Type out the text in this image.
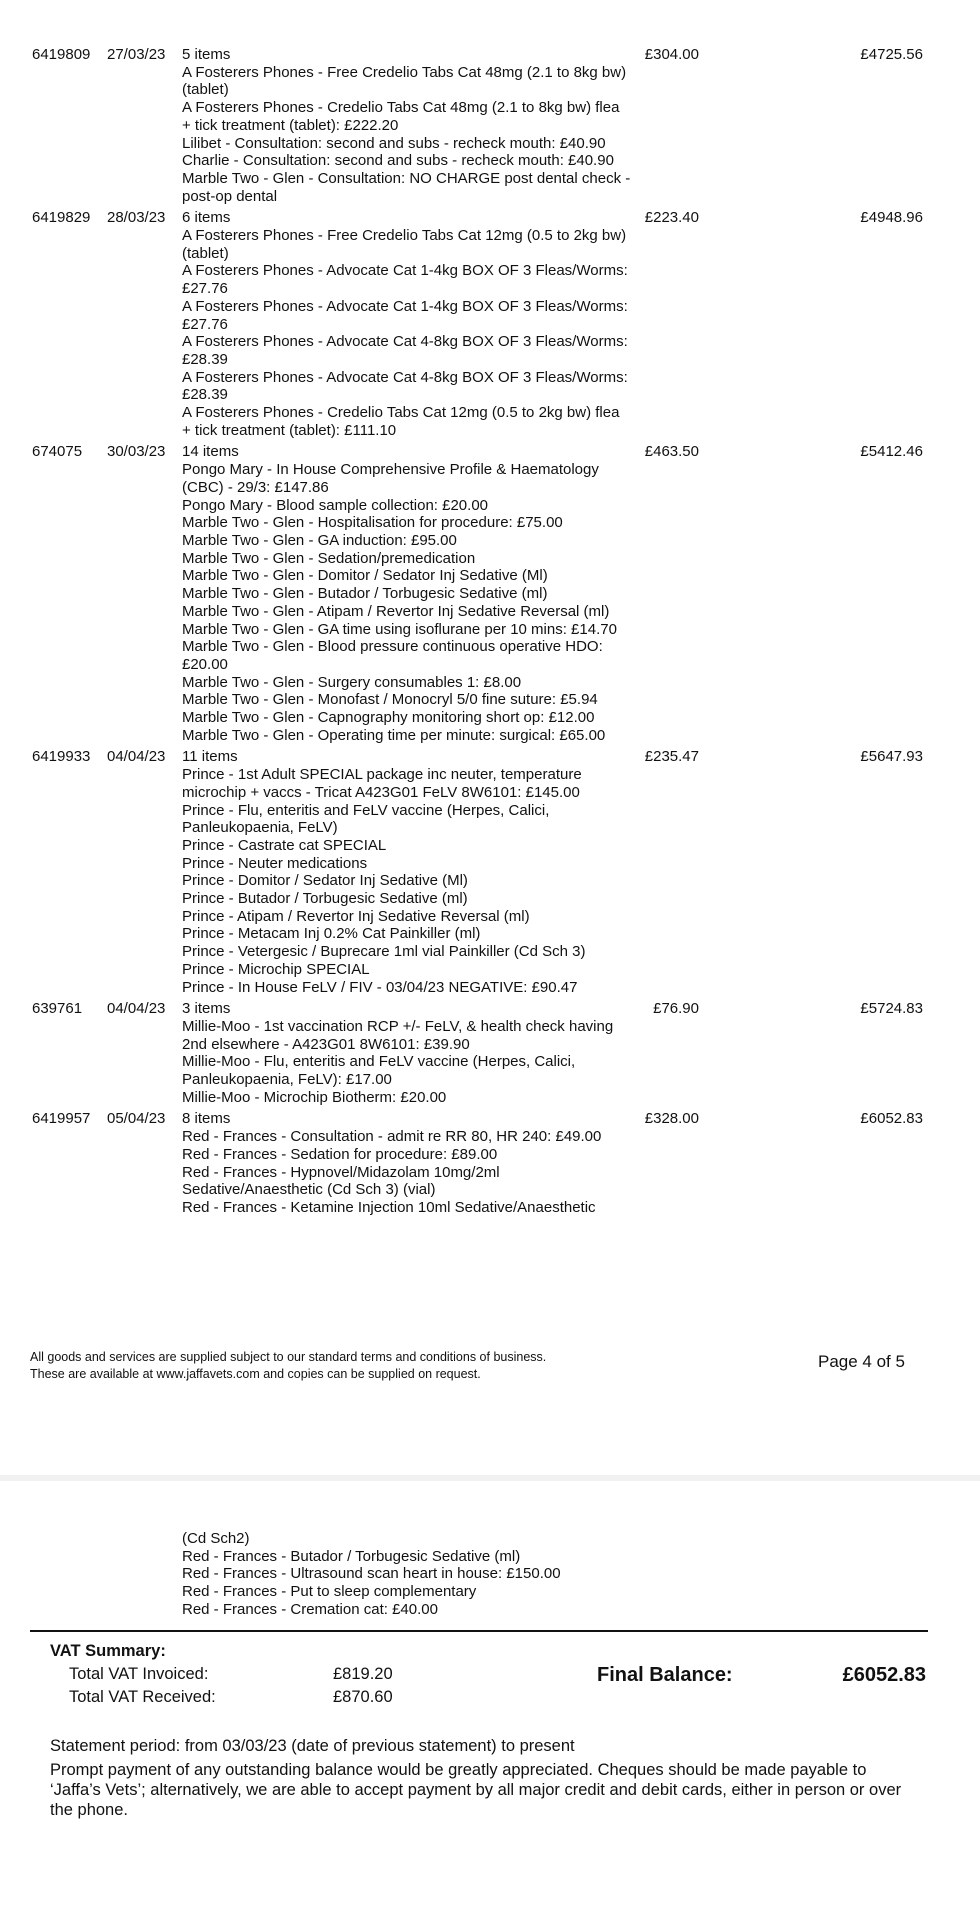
6419809 27/03/23 5 items
A Fosterers Phones - Free Credelio Tabs Cat 48mg (2.1 to 8kg bw) (tablet)
A Fosterers Phones - Credelio Tabs Cat 48mg (2.1 to 8kg bw) flea + tick treatment (tablet): £222.20
Lilibet - Consultation: second and subs - recheck mouth: £40.90
Charlie - Consultation: second and subs - recheck mouth: £40.90
Marble Two - Glen - Consultation: NO CHARGE post dental check - post-op dental
£304.00	£4725.56
6419829 28/03/23 6 items
A Fosterers Phones - Free Credelio Tabs Cat 12mg (0.5 to 2kg bw) (tablet)
A Fosterers Phones - Advocate Cat 1-4kg BOX OF 3 Fleas/Worms: £27.76
A Fosterers Phones - Advocate Cat 1-4kg BOX OF 3 Fleas/Worms: £27.76
A Fosterers Phones - Advocate Cat 4-8kg BOX OF 3 Fleas/Worms: £28.39
A Fosterers Phones - Advocate Cat 4-8kg BOX OF 3 Fleas/Worms: £28.39
A Fosterers Phones - Credelio Tabs Cat 12mg (0.5 to 2kg bw) flea + tick treatment (tablet): £111.10
£223.40	£4948.96
674075 30/03/23 14 items
Pongo Mary - In House Comprehensive Profile & Haematology (CBC) - 29/3: £147.86
Pongo Mary - Blood sample collection: £20.00
Marble Two - Glen - Hospitalisation for procedure: £75.00
Marble Two - Glen - GA induction: £95.00
Marble Two - Glen - Sedation/premedication
Marble Two - Glen - Domitor / Sedator Inj Sedative (Ml)
Marble Two - Glen - Butador / Torbugesic Sedative (ml)
Marble Two - Glen - Atipam / Revertor Inj Sedative Reversal (ml)
Marble Two - Glen - GA time using isoflurane per 10 mins: £14.70
Marble Two - Glen - Blood pressure continuous operative HDO: £20.00
Marble Two - Glen - Surgery consumables 1: £8.00
Marble Two - Glen - Monofast / Monocryl 5/0 fine suture: £5.94
Marble Two - Glen - Capnography monitoring short op: £12.00
Marble Two - Glen - Operating time per minute: surgical: £65.00
£463.50	£5412.46
6419933 04/04/23 11 items
Prince - 1st Adult SPECIAL package inc neuter, temperature microchip + vaccs - Tricat A423G01 FeLV 8W6101: £145.00
Prince - Flu, enteritis and FeLV vaccine (Herpes, Calici, Panleukopaenia, FeLV)
Prince - Castrate cat SPECIAL
Prince - Neuter medications
Prince - Domitor / Sedator Inj Sedative (Ml)
Prince - Butador / Torbugesic Sedative (ml)
Prince - Atipam / Revertor Inj Sedative Reversal (ml)
Prince - Metacam Inj 0.2% Cat Painkiller (ml)
Prince - Vetergesic / Buprecare 1ml vial Painkiller (Cd Sch 3)
Prince - Microchip SPECIAL
Prince - In House FeLV / FIV - 03/04/23 NEGATIVE: £90.47
£235.47	£5647.93
639761 04/04/23 3 items
Millie-Moo - 1st vaccination RCP +/- FeLV, & health check having 2nd elsewhere - A423G01 8W6101: £39.90
Millie-Moo - Flu, enteritis and FeLV vaccine (Herpes, Calici, Panleukopaenia, FeLV): £17.00
Millie-Moo - Microchip Biotherm: £20.00
£76.90	£5724.83
6419957 05/04/23 8 items
Red - Frances - Consultation - admit re RR 80, HR 240: £49.00
Red - Frances - Sedation for procedure: £89.00
Red - Frances - Hypnovel/Midazolam 10mg/2ml Sedative/Anaesthetic (Cd Sch 3) (vial)
Red - Frances - Ketamine Injection 10ml Sedative/Anaesthetic
£328.00	£6052.83
All goods and services are supplied subject to our standard terms and conditions of business.
These are available at www.jaffavets.com and copies can be supplied on request.
Page 4 of 5
(Cd Sch2)
Red - Frances - Butador / Torbugesic Sedative (ml)
Red - Frances - Ultrasound scan heart in house: £150.00
Red - Frances - Put to sleep complementary
Red - Frances - Cremation cat: £40.00
VAT Summary:
Total VAT Invoiced:	£819.20
Total VAT Received:	£870.60
Final Balance:	£6052.83
Statement period: from 03/03/23 (date of previous statement) to present
Prompt payment of any outstanding balance would be greatly appreciated. Cheques should be made payable to ‘Jaffa’s Vets’; alternatively, we are able to accept payment by all major credit and debit cards, either in person or over the phone.
